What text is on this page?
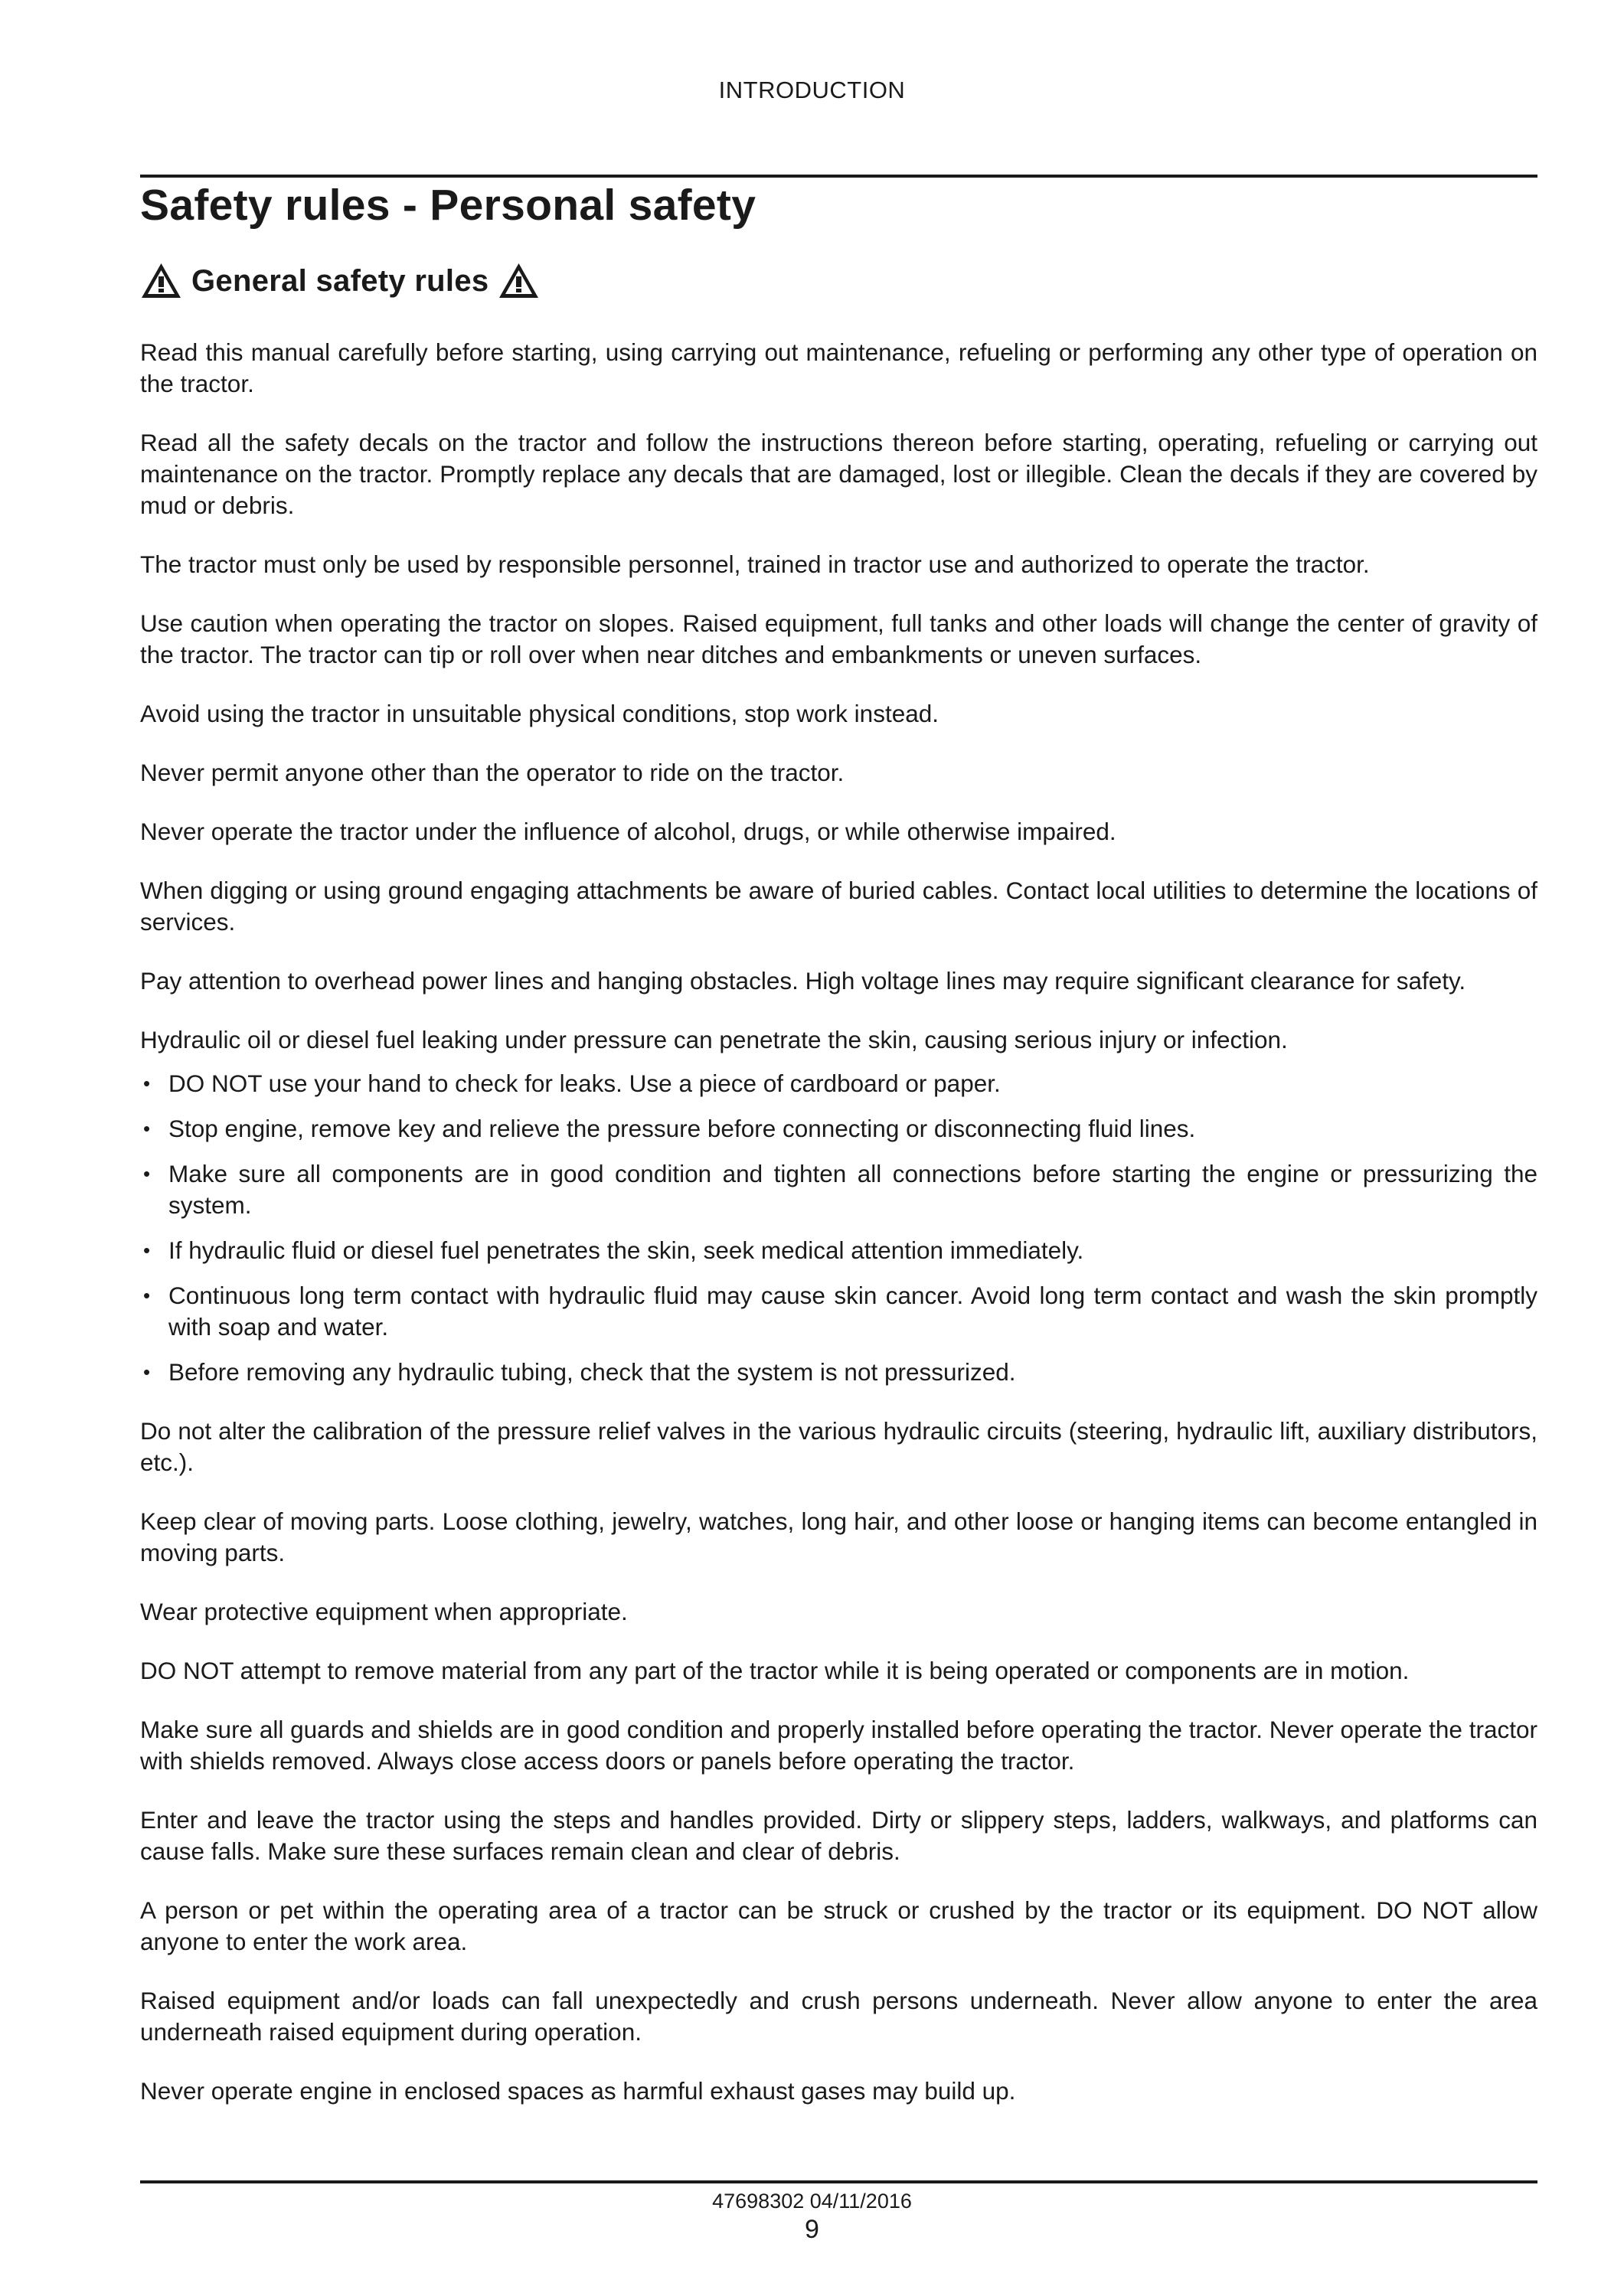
INTRODUCTION
Safety rules - Personal safety
General safety rules

Read this manual carefully before starting, using carrying out maintenance, refueling or performing any other type of operation on the tractor.

Read all the safety decals on the tractor and follow the instructions thereon before starting, operating, refueling or carrying out maintenance on the tractor. Promptly replace any decals that are damaged, lost or illegible. Clean the decals if they are covered by mud or debris.

The tractor must only be used by responsible personnel, trained in tractor use and authorized to operate the tractor.

Use caution when operating the tractor on slopes. Raised equipment, full tanks and other loads will change the center of gravity of the tractor. The tractor can tip or roll over when near ditches and embankments or uneven surfaces.

Avoid using the tractor in unsuitable physical conditions, stop work instead.

Never permit anyone other than the operator to ride on the tractor.

Never operate the tractor under the influence of alcohol, drugs, or while otherwise impaired.

When digging or using ground engaging attachments be aware of buried cables. Contact local utilities to determine the locations of services.

Pay attention to overhead power lines and hanging obstacles. High voltage lines may require significant clearance for safety.

Hydraulic oil or diesel fuel leaking under pressure can penetrate the skin, causing serious injury or infection.

• DO NOT use your hand to check for leaks. Use a piece of cardboard or paper.
• Stop engine, remove key and relieve the pressure before connecting or disconnecting fluid lines.
• Make sure all components are in good condition and tighten all connections before starting the engine or pressurizing the system.
• If hydraulic fluid or diesel fuel penetrates the skin, seek medical attention immediately.
• Continuous long term contact with hydraulic fluid may cause skin cancer. Avoid long term contact and wash the skin promptly with soap and water.
• Before removing any hydraulic tubing, check that the system is not pressurized.

Do not alter the calibration of the pressure relief valves in the various hydraulic circuits (steering, hydraulic lift, auxiliary distributors, etc.).

Keep clear of moving parts. Loose clothing, jewelry, watches, long hair, and other loose or hanging items can become entangled in moving parts.

Wear protective equipment when appropriate.

DO NOT attempt to remove material from any part of the tractor while it is being operated or components are in motion.

Make sure all guards and shields are in good condition and properly installed before operating the tractor. Never operate the tractor with shields removed. Always close access doors or panels before operating the tractor.

Enter and leave the tractor using the steps and handles provided. Dirty or slippery steps, ladders, walkways, and platforms can cause falls. Make sure these surfaces remain clean and clear of debris.

A person or pet within the operating area of a tractor can be struck or crushed by the tractor or its equipment. DO NOT allow anyone to enter the work area.

Raised equipment and/or loads can fall unexpectedly and crush persons underneath. Never allow anyone to enter the area underneath raised equipment during operation.

Never operate engine in enclosed spaces as harmful exhaust gases may build up.

47698302 04/11/2016
9
